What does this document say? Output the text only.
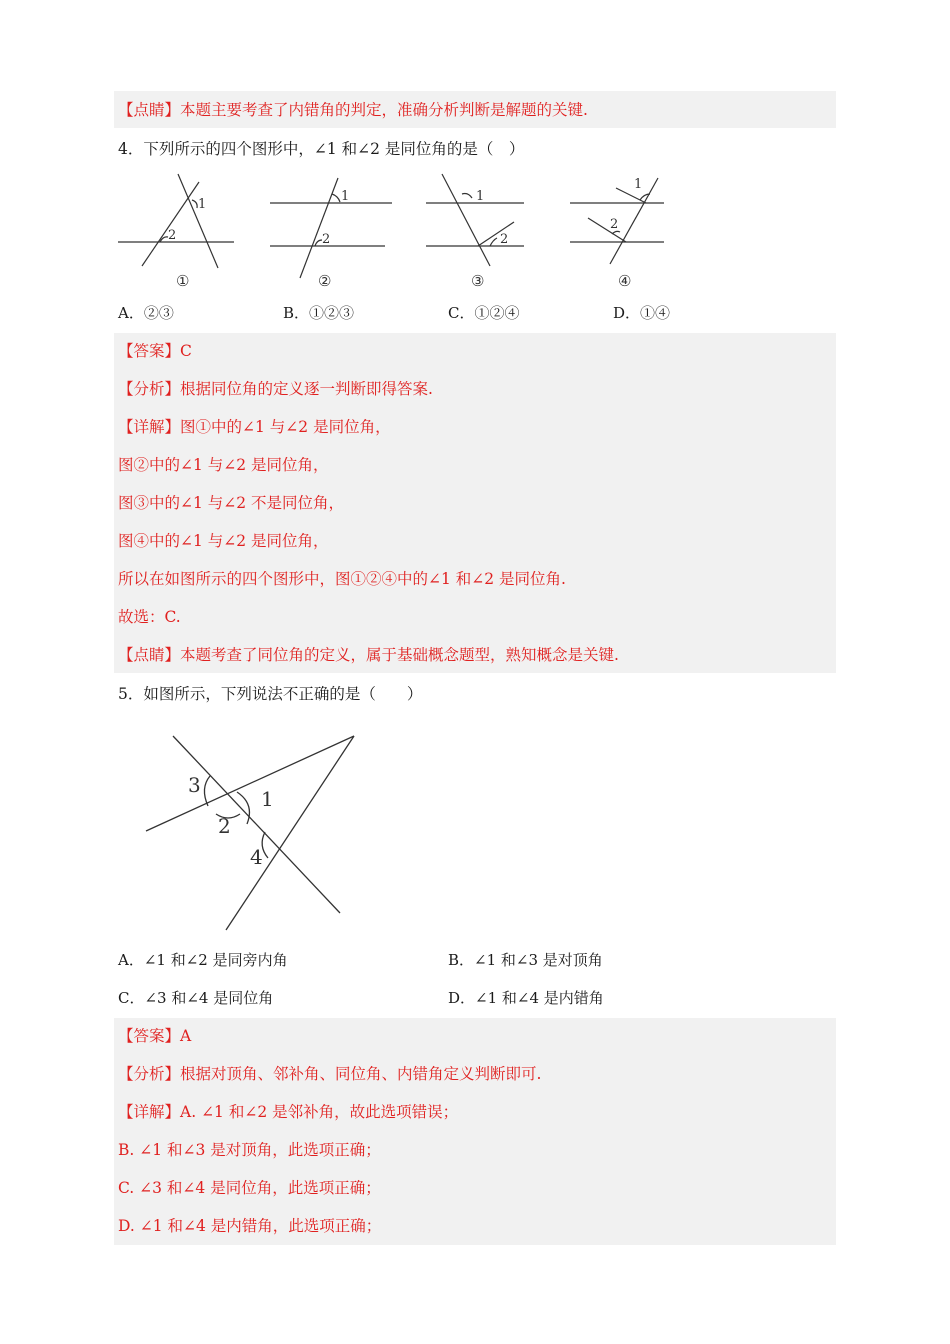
【点睛】本题主要考查了内错角的判定，准确分析判断是解题的关键.
4．下列所示的四个图形中，∠1 和∠2 是同位角的是（　）
1
2
①
1
2
②
1
2
③
1
2
④
A．②③	B．①②③	C．①②④	D．①④
【答案】C
【分析】根据同位角的定义逐一判断即得答案.
【详解】图①中的∠1 与∠2 是同位角，
图②中的∠1 与∠2 是同位角，
图③中的∠1 与∠2 不是同位角，
图④中的∠1 与∠2 是同位角，
所以在如图所示的四个图形中，图①②④中的∠1 和∠2 是同位角.
故选：C.
【点睛】本题考查了同位角的定义，属于基础概念题型，熟知概念是关键.
5．如图所示，下列说法不正确的是（　　）
3
1
2
4
A．∠1 和∠2 是同旁内角	B．∠1 和∠3 是对顶角
C．∠3 和∠4 是同位角	D．∠1 和∠4 是内错角
【答案】A
【分析】根据对顶角、邻补角、同位角、内错角定义判断即可.
【详解】A. ∠1 和∠2 是邻补角，故此选项错误；
B. ∠1 和∠3 是对顶角，此选项正确；
C. ∠3 和∠4 是同位角，此选项正确；
D. ∠1 和∠4 是内错角，此选项正确；
